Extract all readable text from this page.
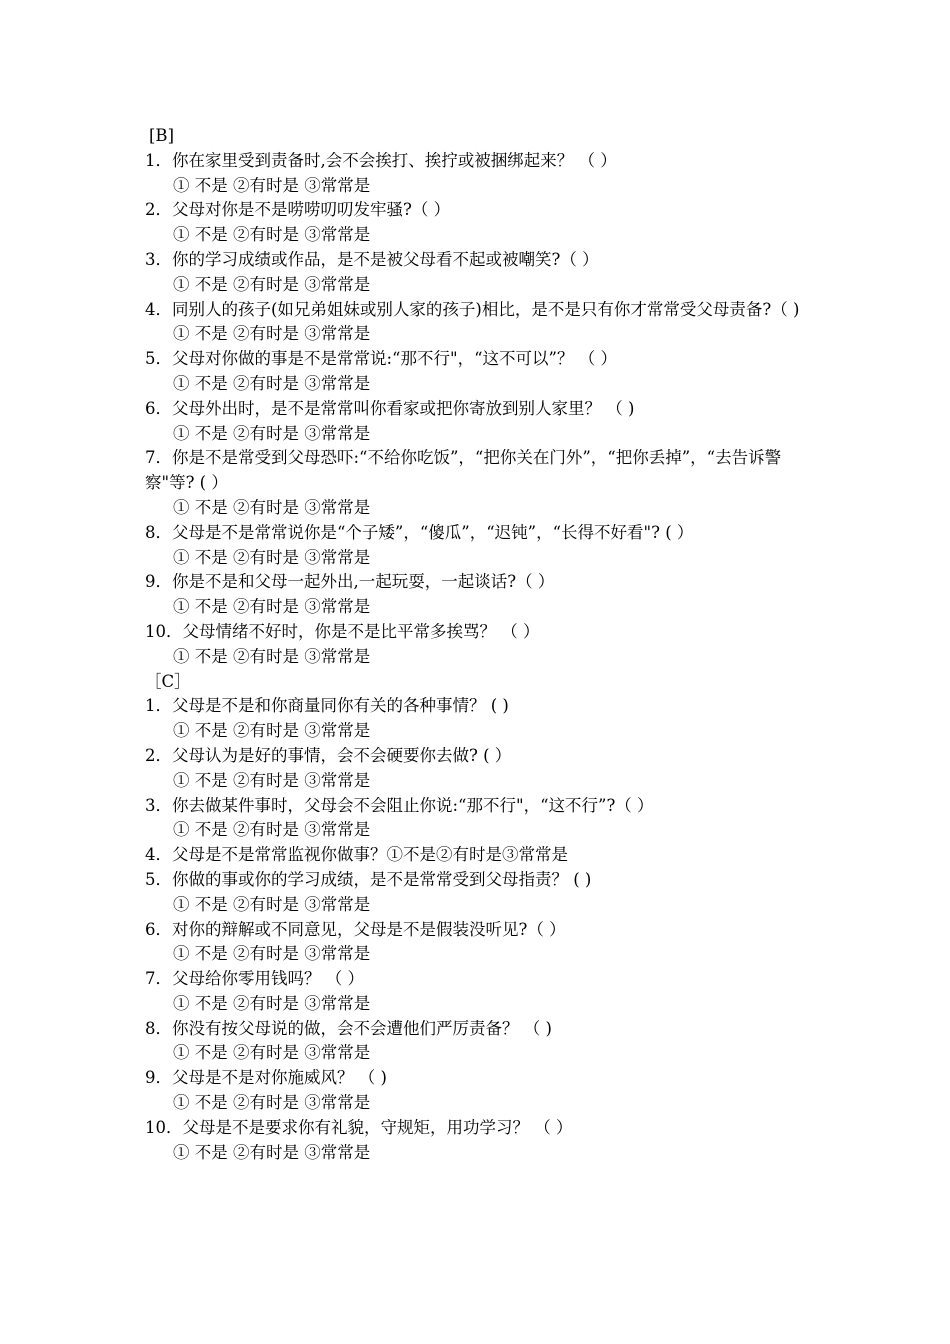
[B]
1．你在家里受到责备时,会不会挨打、挨拧或被捆绑起来？ （ ）
① 不是 ②有时是 ③常常是
2．父母对你是不是唠唠叨叨发牢骚?（ ）
① 不是 ②有时是 ③常常是
3．你的学习成绩或作品，是不是被父母看不起或被嘲笑?（ ）
① 不是 ②有时是 ③常常是
4．同别人的孩子(如兄弟姐妹或别人家的孩子)相比，是不是只有你才常常受父母责备?（ )
① 不是 ②有时是 ③常常是
5．父母对你做的事是不是常常说:“那不行"，“这不可以”？ （ ）
① 不是 ②有时是 ③常常是
6．父母外出时，是不是常常叫你看家或把你寄放到别人家里？ （ )
① 不是 ②有时是 ③常常是
7．你是不是常受到父母恐吓:“不给你吃饭”，“把你关在门外”，“把你丢掉”，“去告诉警察"等? ( ）
① 不是 ②有时是 ③常常是
8．父母是不是常常说你是“个子矮”，“傻瓜”，“迟钝”，“长得不好看"? ( ）
① 不是 ②有时是 ③常常是
9．你是不是和父母一起外出,一起玩耍，一起谈话?（ ）
① 不是 ②有时是 ③常常是
10．父母情绪不好时，你是不是比平常多挨骂？ （ ）
① 不是 ②有时是 ③常常是
［C］
1．父母是不是和你商量同你有关的各种事情？ ( )
① 不是 ②有时是 ③常常是
2．父母认为是好的事情，会不会硬要你去做? ( ）
① 不是 ②有时是 ③常常是
3．你去做某件事时，父母会不会阻止你说:“那不行"，“这不行”?（ ）
① 不是 ②有时是 ③常常是
4．父母是不是常常监视你做事？①不是②有时是③常常是
5．你做的事或你的学习成绩，是不是常常受到父母指责？ ( )
① 不是 ②有时是 ③常常是
6．对你的辩解或不同意见，父母是不是假装没听见?（ ）
① 不是 ②有时是 ③常常是
7．父母给你零用钱吗？ （ ）
① 不是 ②有时是 ③常常是
8．你没有按父母说的做，会不会遭他们严厉责备？ （ )
① 不是 ②有时是 ③常常是
9．父母是不是对你施威风？ （ )
① 不是 ②有时是 ③常常是
10．父母是不是要求你有礼貌，守规矩，用功学习？ （ ）
① 不是 ②有时是 ③常常是
